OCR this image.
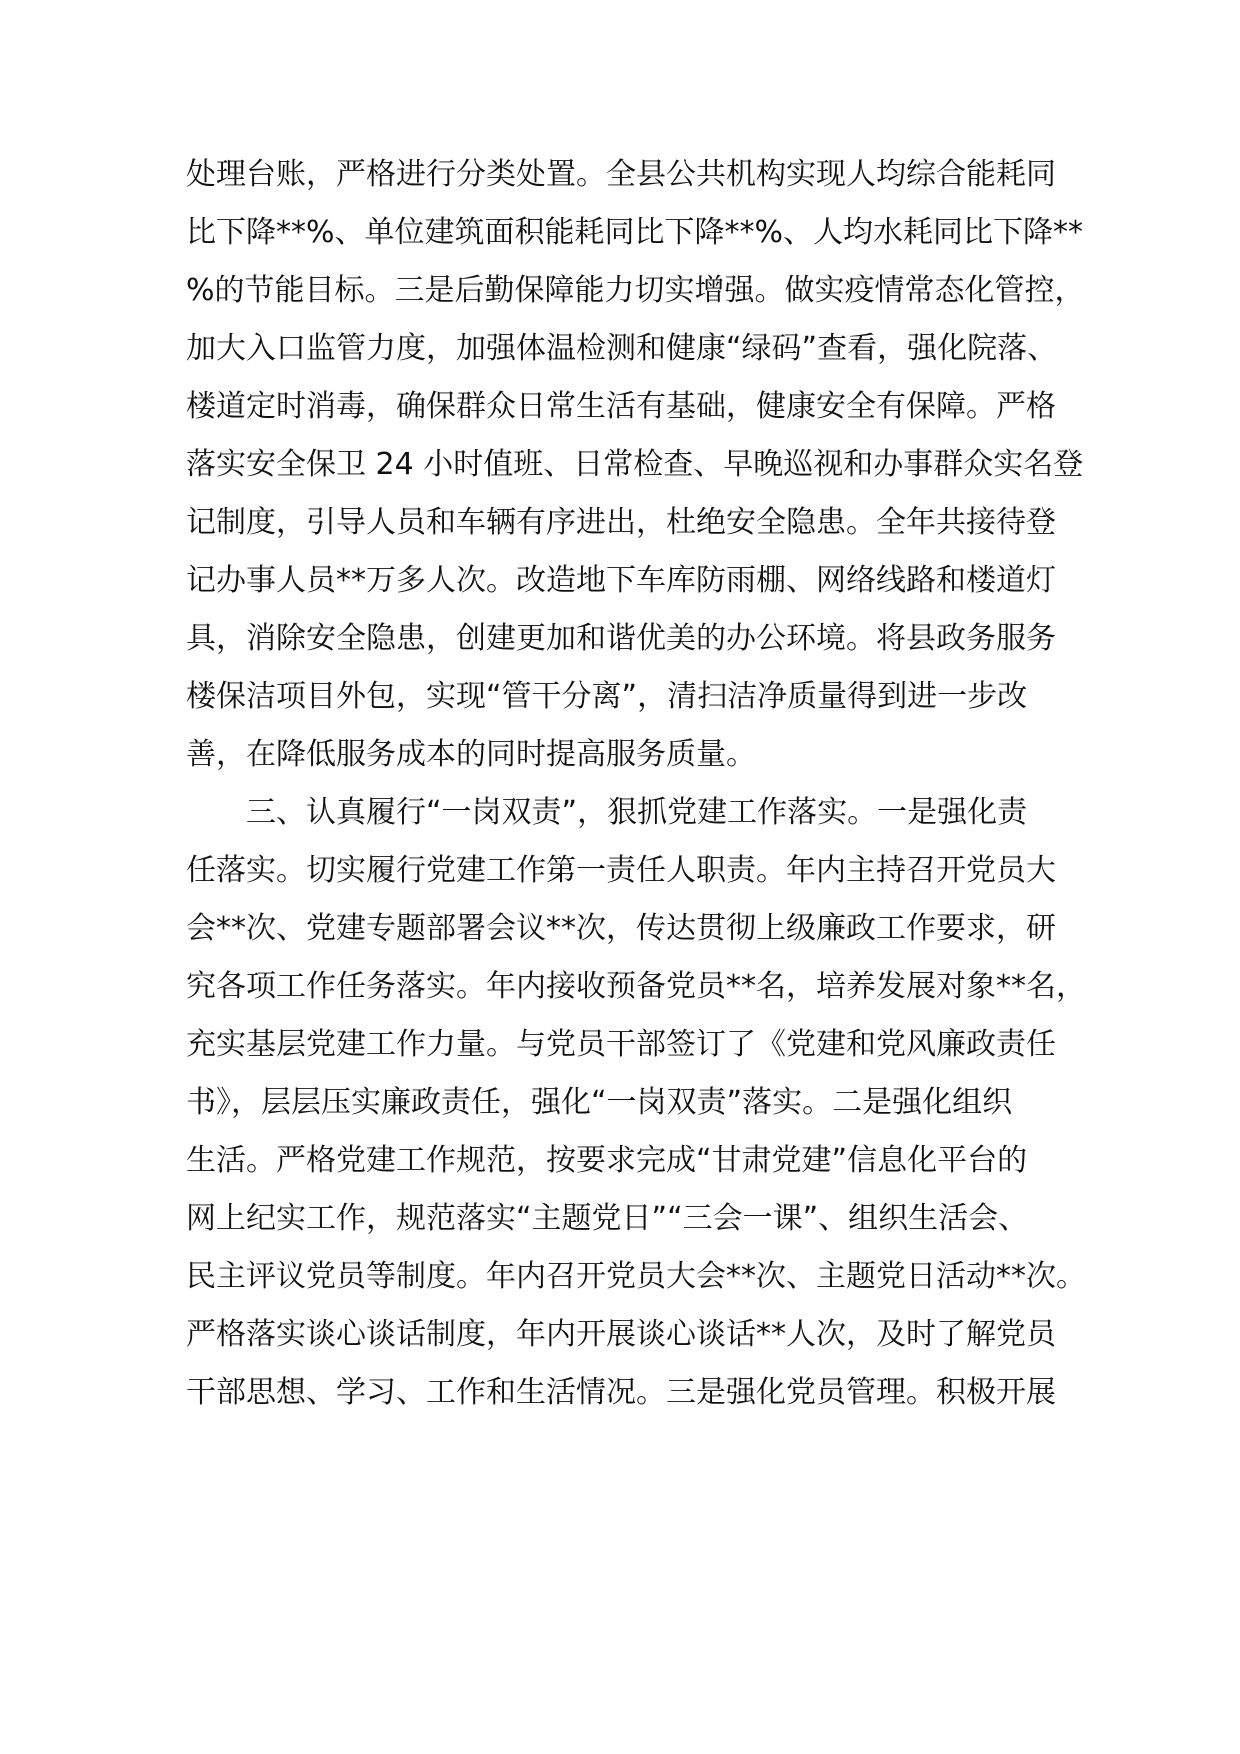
处理台账，严格进行分类处置。全县公共机构实现人均综合能耗同
比下降**%、单位建筑面积能耗同比下降**%、人均水耗同比下降**
%的节能目标。三是后勤保障能力切实增强。做实疫情常态化管控，
加大入口监管力度，加强体温检测和健康“绿码”查看，强化院落、
楼道定时消毒，确保群众日常生活有基础，健康安全有保障。严格
落实安全保卫 24 小时值班、日常检查、早晚巡视和办事群众实名登
记制度，引导人员和车辆有序进出，杜绝安全隐患。全年共接待登
记办事人员**万多人次。改造地下车库防雨棚、网络线路和楼道灯
具，消除安全隐患，创建更加和谐优美的办公环境。将县政务服务
楼保洁项目外包，实现“管干分离”，清扫洁净质量得到进一步改
善，在降低服务成本的同时提高服务质量。
三、认真履行“一岗双责”，狠抓党建工作落实。一是强化责
任落实。切实履行党建工作第一责任人职责。年内主持召开党员大
会**次、党建专题部署会议**次，传达贯彻上级廉政工作要求，研
究各项工作任务落实。年内接收预备党员**名，培养发展对象**名，
充实基层党建工作力量。与党员干部签订了《党建和党风廉政责任
书》，层层压实廉政责任，强化“一岗双责”落实。二是强化组织
生活。严格党建工作规范，按要求完成“甘肃党建”信息化平台的
网上纪实工作，规范落实“主题党日”“三会一课”、组织生活会、
民主评议党员等制度。年内召开党员大会**次、主题党日活动**次。
严格落实谈心谈话制度，年内开展谈心谈话**人次，及时了解党员
干部思想、学习、工作和生活情况。三是强化党员管理。积极开展
